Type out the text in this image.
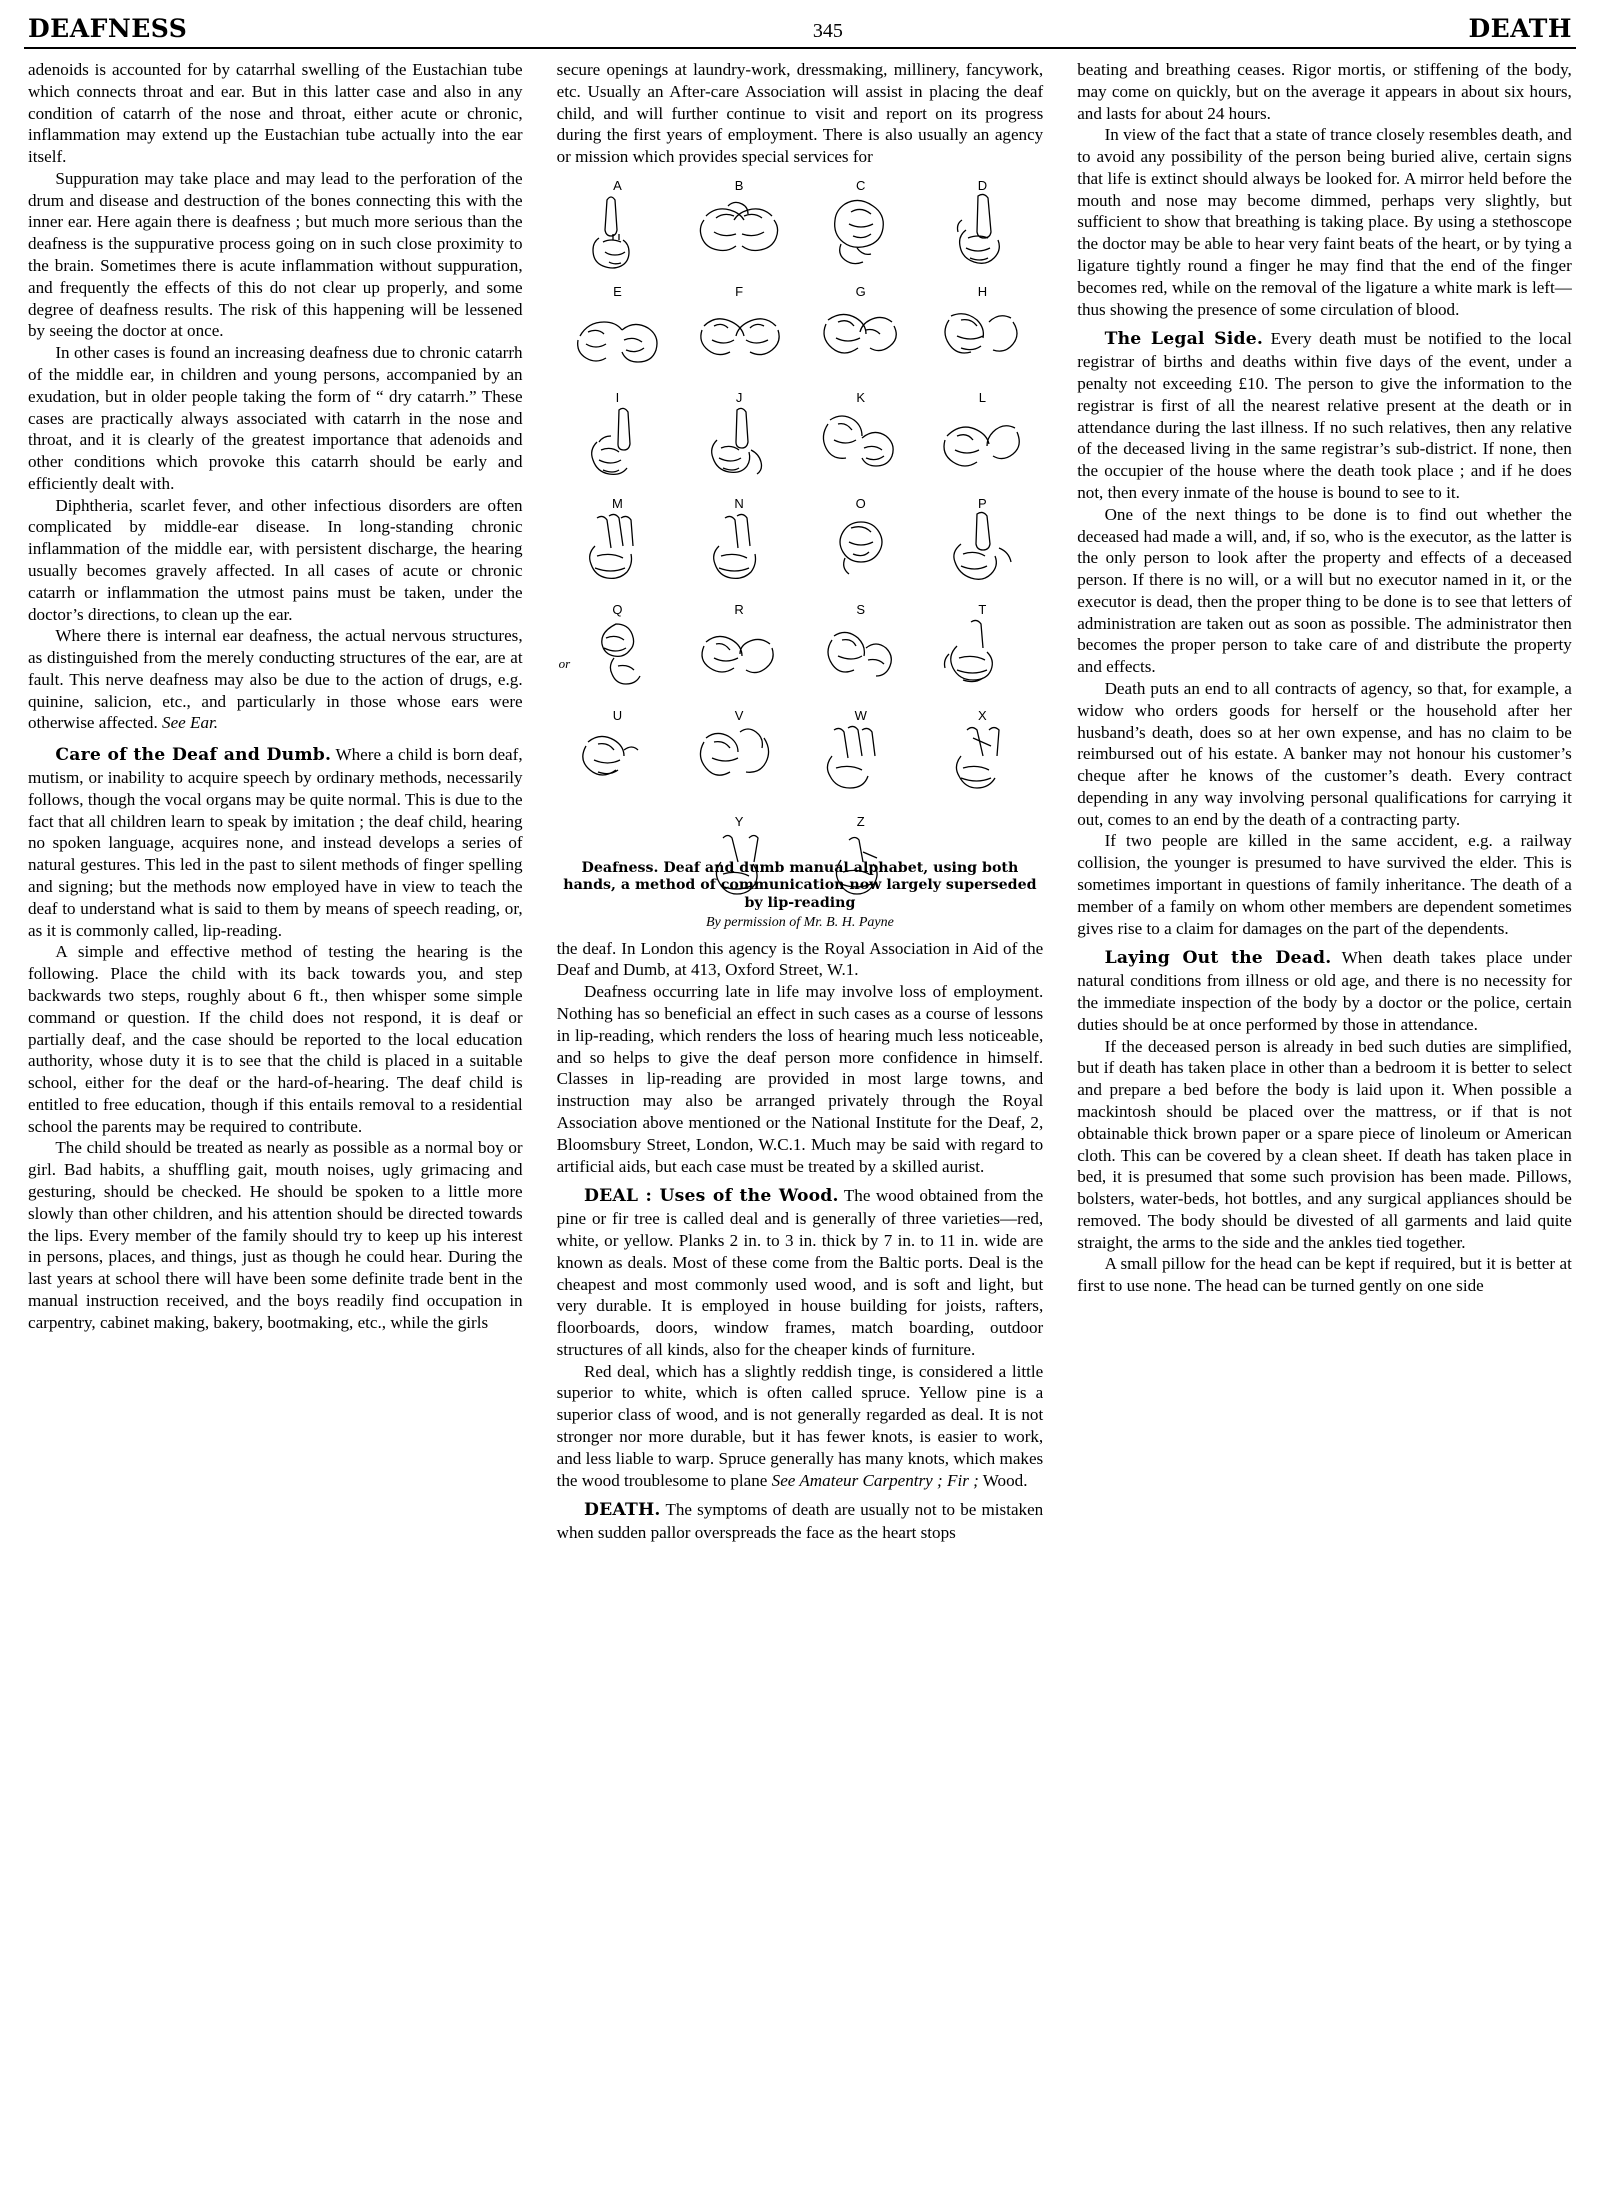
DEAFNESS	345	DEATH

adenoids is accounted for by catarrhal swelling of the Eustachian tube which connects throat and ear. But in this latter case and also in any condition of catarrh of the nose and throat, either acute or chronic, inflammation may extend up the Eustachian tube actually into the ear itself.

Suppuration may take place and may lead to the perforation of the drum and disease and destruction of the bones connecting this with the inner ear. Here again there is deafness ; but much more serious than the deafness is the suppurative process going on in such close proximity to the brain. Sometimes there is acute inflammation without suppuration, and frequently the effects of this do not clear up properly, and some degree of deafness results. The risk of this happening will be lessened by seeing the doctor at once.

In other cases is found an increasing deafness due to chronic catarrh of the middle ear, in children and young persons, accompanied by an exudation, but in older people taking the form of “ dry catarrh.” These cases are practically always associated with catarrh in the nose and throat, and it is clearly of the greatest importance that adenoids and other conditions which provoke this catarrh should be early and efficiently dealt with.

Diphtheria, scarlet fever, and other infectious disorders are often complicated by middle-ear disease. In long-standing chronic inflammation of the middle ear, with persistent discharge, the hearing usually becomes gravely affected. In all cases of acute or chronic catarrh or inflammation the utmost pains must be taken, under the doctor’s directions, to clean up the ear.

Where there is internal ear deafness, the actual nervous structures, as distinguished from the merely conducting structures of the ear, are at fault. This nerve deafness may also be due to the action of drugs, e.g. quinine, salicion, etc., and particularly in those whose ears were otherwise affected. See Ear.

Care of the Deaf and Dumb. Where a child is born deaf, mutism, or inability to acquire speech by ordinary methods, necessarily follows, though the vocal organs may be quite normal. This is due to the fact that all children learn to speak by imitation ; the deaf child, hearing no spoken language, acquires none, and instead develops a series of natural gestures. This led in the past to silent methods of finger spelling and signing; but the methods now employed have in view to teach the deaf to understand what is said to them by means of speech reading, or, as it is commonly called, lip-reading.

A simple and effective method of testing the hearing is the following. Place the child with its back towards you, and step backwards two steps, roughly about 6 ft., then whisper some simple command or question. If the child does not respond, it is deaf or partially deaf, and the case should be reported to the local education authority, whose duty it is to see that the child is placed in a suitable school, either for the deaf or the hard-of-hearing. The deaf child is entitled to free education, though if this entails removal to a residential school the parents may be required to contribute.

The child should be treated as nearly as possible as a normal boy or girl. Bad habits, a shuffling gait, mouth noises, ugly grimacing and gesturing, should be checked. He should be spoken to a little more slowly than other children, and his attention should be directed towards the lips. Every member of the family should try to keep up his interest in persons, places, and things, just as though he could hear. During the last years at school there will have been some definite trade bent in the manual instruction received, and the boys readily find occupation in carpentry, cabinet making, bakery, bootmaking, etc., while the girls

secure openings at laundry-work, dressmaking, millinery, fancywork, etc. Usually an After-care Association will assist in placing the deaf child, and will further continue to visit and report on its progress during the first years of employment. There is also usually an agency or mission which provides special services for

A	B	C	D
E	F	G	H
I	J	K	L
M	N	O	P
Q
or
R	S	T
U	V	W	X
Y	Z
Deafness. Deaf and dumb manual alphabet, using both hands, a method of communication now largely superseded by lip-reading
By permission of Mr. B. H. Payne

the deaf. In London this agency is the Royal Association in Aid of the Deaf and Dumb, at 413, Oxford Street, W.1.

Deafness occurring late in life may involve loss of employment. Nothing has so beneficial an effect in such cases as a course of lessons in lip-reading, which renders the loss of hearing much less noticeable, and so helps to give the deaf person more confidence in himself. Classes in lip-reading are provided in most large towns, and instruction may also be arranged privately through the Royal Association above mentioned or the National Institute for the Deaf, 2, Bloomsbury Street, London, W.C.1. Much may be said with regard to artificial aids, but each case must be treated by a skilled aurist.

DEAL : Uses of the Wood. The wood obtained from the pine or fir tree is called deal and is generally of three varieties—red, white, or yellow. Planks 2 in. to 3 in. thick by 7 in. to 11 in. wide are known as deals. Most of these come from the Baltic ports. Deal is the cheapest and most commonly used wood, and is soft and light, but very durable. It is employed in house building for joists, rafters, floorboards, doors, window frames, match boarding, outdoor structures of all kinds, also for the cheaper kinds of furniture.

Red deal, which has a slightly reddish tinge, is considered a little superior to white, which is often called spruce. Yellow pine is a superior class of wood, and is not generally regarded as deal. It is not stronger nor more durable, but it has fewer knots, is easier to work, and less liable to warp. Spruce generally has many knots, which makes the wood troublesome to plane See Amateur Carpentry ; Fir ; Wood.

DEATH. The symptoms of death are usually not to be mistaken when sudden pallor overspreads the face as the heart stops

beating and breathing ceases. Rigor mortis, or stiffening of the body, may come on quickly, but on the average it appears in about six hours, and lasts for about 24 hours.

In view of the fact that a state of trance closely resembles death, and to avoid any possibility of the person being buried alive, certain signs that life is extinct should always be looked for. A mirror held before the mouth and nose may become dimmed, perhaps very slightly, but sufficient to show that breathing is taking place. By using a stethoscope the doctor may be able to hear very faint beats of the heart, or by tying a ligature tightly round a finger he may find that the end of the finger becomes red, while on the removal of the ligature a white mark is left—thus showing the presence of some circulation of blood.

The Legal Side. Every death must be notified to the local registrar of births and deaths within five days of the event, under a penalty not exceeding £10. The person to give the information to the registrar is first of all the nearest relative present at the death or in attendance during the last illness. If no such relatives, then any relative of the deceased living in the same registrar’s sub-district. If none, then the occupier of the house where the death took place ; and if he does not, then every inmate of the house is bound to see to it.

One of the next things to be done is to find out whether the deceased had made a will, and, if so, who is the executor, as the latter is the only person to look after the property and effects of a deceased person. If there is no will, or a will but no executor named in it, or the executor is dead, then the proper thing to be done is to see that letters of administration are taken out as soon as possible. The administrator then becomes the proper person to take care of and distribute the property and effects.

Death puts an end to all contracts of agency, so that, for example, a widow who orders goods for herself or the household after her husband’s death, does so at her own expense, and has no claim to be reimbursed out of his estate. A banker may not honour his customer’s cheque after he knows of the customer’s death. Every contract depending in any way involving personal qualifications for carrying it out, comes to an end by the death of a contracting party.

If two people are killed in the same accident, e.g. a railway collision, the younger is presumed to have survived the elder. This is sometimes important in questions of family inheritance. The death of a member of a family on whom other members are dependent sometimes gives rise to a claim for damages on the part of the dependents.

Laying Out the Dead. When death takes place under natural conditions from illness or old age, and there is no necessity for the immediate inspection of the body by a doctor or the police, certain duties should be at once performed by those in attendance.

If the deceased person is already in bed such duties are simplified, but if death has taken place in other than a bedroom it is better to select and prepare a bed before the body is laid upon it. When possible a mackintosh should be placed over the mattress, or if that is not obtainable thick brown paper or a spare piece of linoleum or American cloth. This can be covered by a clean sheet. If death has taken place in bed, it is presumed that some such provision has been made. Pillows, bolsters, water-beds, hot bottles, and any surgical appliances should be removed. The body should be divested of all garments and laid quite straight, the arms to the side and the ankles tied together.

A small pillow for the head can be kept if required, but it is better at first to use none. The head can be turned gently on one side
